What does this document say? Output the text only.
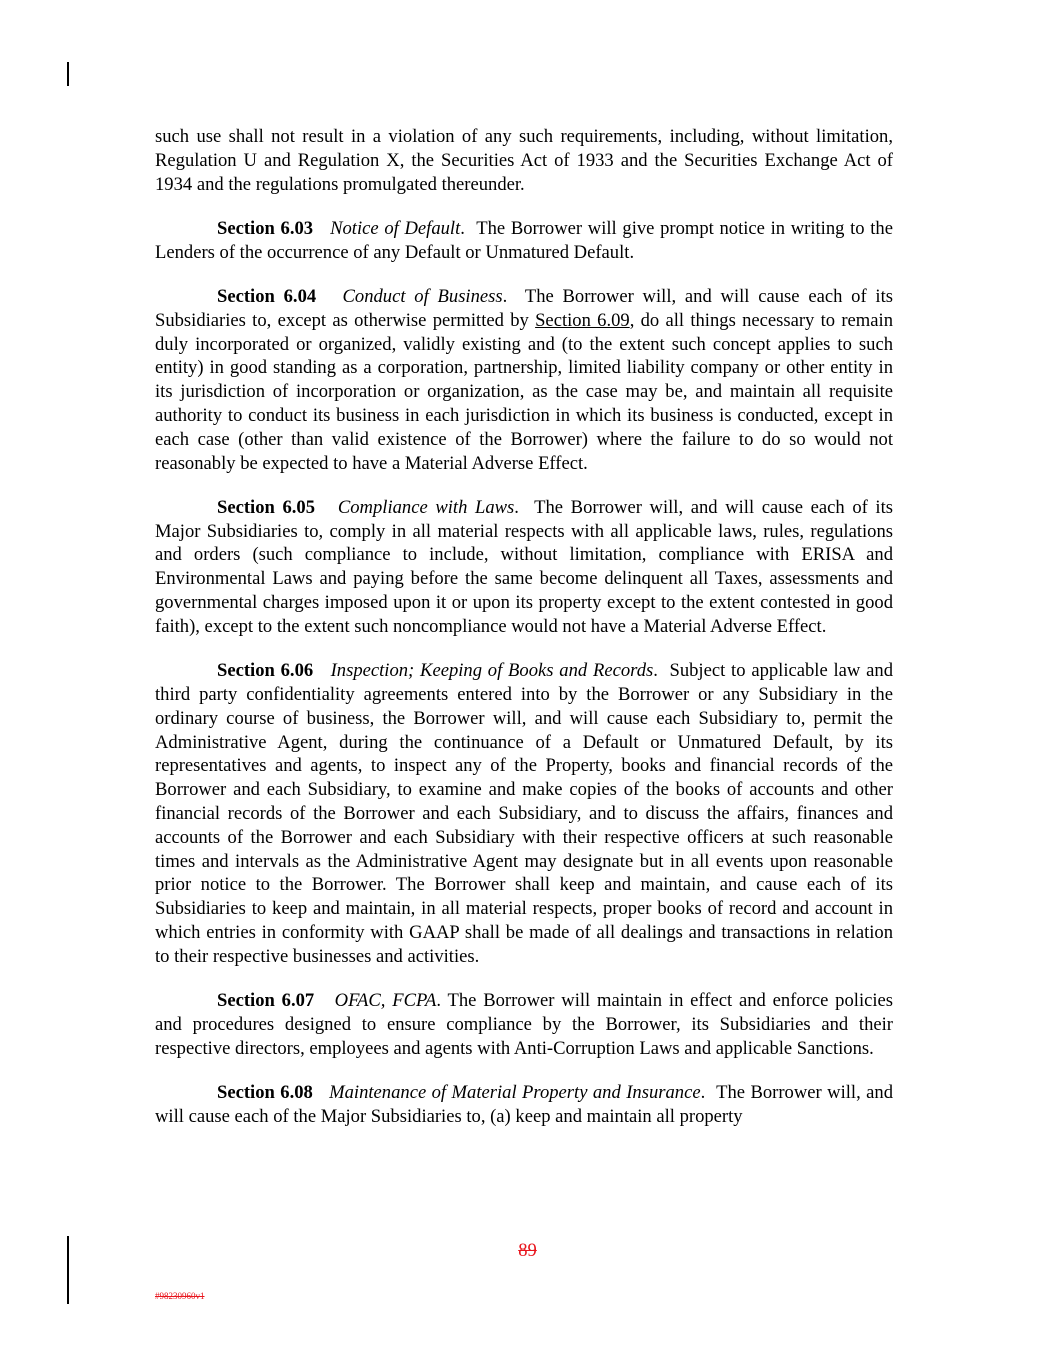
such use shall not result in a violation of any such requirements, including, without limitation, Regulation U and Regulation X, the Securities Act of 1933 and the Securities Exchange Act of 1934 and the regulations promulgated thereunder.

Section 6.03 Notice of Default.  The Borrower will give prompt notice in writing to the Lenders of the occurrence of any Default or Unmatured Default.

Section 6.04 Conduct of Business.  The Borrower will, and will cause each of its Subsidiaries to, except as otherwise permitted by Section 6.09, do all things necessary to remain duly incorporated or organized, validly existing and (to the extent such concept applies to such entity) in good standing as a corporation, partnership, limited liability company or other entity in its jurisdiction of incorporation or organization, as the case may be, and maintain all requisite authority to conduct its business in each jurisdiction in which its business is conducted, except in each case (other than valid existence of the Borrower) where the failure to do so would not reasonably be expected to have a Material Adverse Effect.

Section 6.05 Compliance with Laws.  The Borrower will, and will cause each of its Major Subsidiaries to, comply in all material respects with all applicable laws, rules, regulations and orders (such compliance to include, without limitation, compliance with ERISA and Environmental Laws and paying before the same become delinquent all Taxes, assessments and governmental charges imposed upon it or upon its property except to the extent contested in good faith), except to the extent such noncompliance would not have a Material Adverse Effect.

Section 6.06 Inspection; Keeping of Books and Records.  Subject to applicable law and third party confidentiality agreements entered into by the Borrower or any Subsidiary in the ordinary course of business, the Borrower will, and will cause each Subsidiary to, permit the Administrative Agent, during the continuance of a Default or Unmatured Default, by its representatives and agents, to inspect any of the Property, books and financial records of the Borrower and each Subsidiary, to examine and make copies of the books of accounts and other financial records of the Borrower and each Subsidiary, and to discuss the affairs, finances and accounts of the Borrower and each Subsidiary with their respective officers at such reasonable times and intervals as the Administrative Agent may designate but in all events upon reasonable prior notice to the Borrower. The Borrower shall keep and maintain, and cause each of its Subsidiaries to keep and maintain, in all material respects, proper books of record and account in which entries in conformity with GAAP shall be made of all dealings and transactions in relation to their respective businesses and activities.

Section 6.07 OFAC, FCPA. The Borrower will maintain in effect and enforce policies and procedures designed to ensure compliance by the Borrower, its Subsidiaries and their respective directors, employees and agents with Anti-Corruption Laws and applicable Sanctions.

Section 6.08 Maintenance of Material Property and Insurance.  The Borrower will, and will cause each of the Major Subsidiaries to, (a) keep and maintain all property

89
#98230960v1
